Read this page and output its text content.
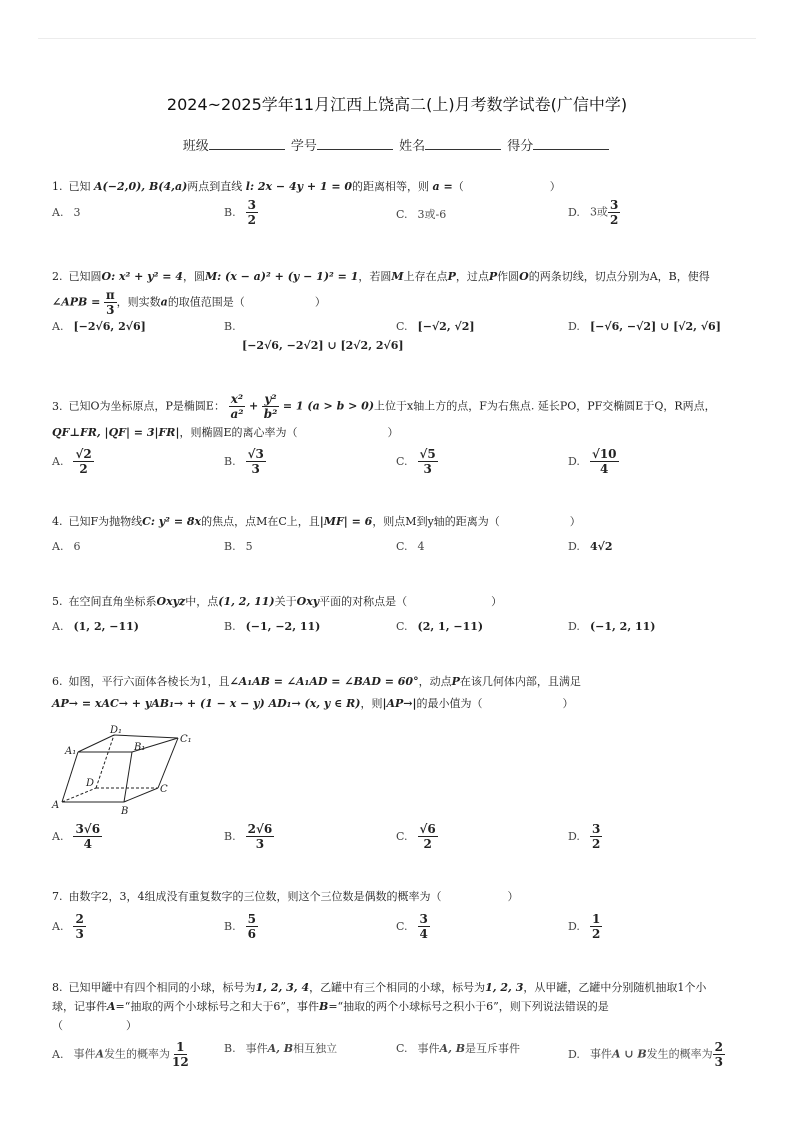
2024~2025学年11月江西上饶高二(上)月考数学试卷(广信中学)
班级	学号	姓名	得分
1. 已知 A(−2,0), B(4,a)两点到直线 l: 2x − 4y + 1 = 0的距离相等，则 a =（	）
A. 3	B. $\frac{3}{2}$	C. 3或-6	D. 3或 $\frac{3}{2}$
2. 已知圆O: x² + y² = 4，圆M: (x − a)² + (y − 1)² = 1，若圆M上存在点P，过点P作圆O的两条切线，切点分别为A，B，使得
∠APB = $\frac{\pi}{3}$ ，则实数a的取值范围是（	）
A. [−2√6, 2√6]	B.
[−2√6, −2√2] ∪ [2√2, 2√6]
C. [−√2, √2]	D. [−√6, −√2] ∪ [√2, √6]
3. 已知O为坐标原点，P是椭圆E： $\frac{\text{x²}}{\text{a²}} + \frac{\text{y²}}{\text{b²}} = 1$ (a > b > 0)上位于x轴上方的点，F为右焦点. 延长PO，PF交椭圆E于Q，R两点，
QF⊥FR, |QF| = 3|FR|，则椭圆E的离心率为（	）
A. $\frac{√2}{2}$	B. $\frac{√3}{3}$	C. $\frac{√5}{3}$	D. $\frac{√10}{4}$
4. 已知F为抛物线C: y² = 8x的焦点，点M在C上，且|MF| = 6，则点M到y轴的距离为（	）
A. 6	B. 5	C. 4	D. 4√2
5. 在空间直角坐标系Oxyz中，点(1, 2, 11)关于Oxy平面的对称点是（	）
A. (1, 2, −11)	B. (−1, −2, 11)	C. (2, 1, −11)	D. (−1, 2, 11)
6. 如图，平行六面体各棱长为1，且∠A₁AB = ∠A₁AD = ∠BAD = 60°，动点P在该几何体内部，且满足
AP→ = xAC→ + yAB₁→ + (1 − x − y) AD₁→ (x, y ∈ R)，则|AP→|的最小值为（	）
A₁
D₁
B₁
C₁
D
C
A
B
A. $\frac{3√6}{4}$	B. $\frac{2√6}{3}$	C. $\frac{√6}{2}$	D. $\frac{3}{2}$
7. 由数字2，3，4组成没有重复数字的三位数，则这个三位数是偶数的概率为（	）
A. $\frac{2}{3}$	B. $\frac{5}{6}$	C. $\frac{3}{4}$	D. $\frac{1}{2}$
8. 已知甲罐中有四个相同的小球，标号为1, 2, 3, 4，乙罐中有三个相同的小球，标号为1, 2, 3，从甲罐，乙罐中分别随机抽取1个小
球，记事件A=“抽取的两个小球标号之和大于6”，事件B=“抽取的两个小球标号之积小于6”，则下列说法错误的是
（                  ）
A. 事件A发生的概率为 $\frac{1}{12}$	B. 事件A, B相互独立	C. 事件A, B是互斥事件	D. 事件A ∪ B发生的概率为 $\frac{2}{3}$
